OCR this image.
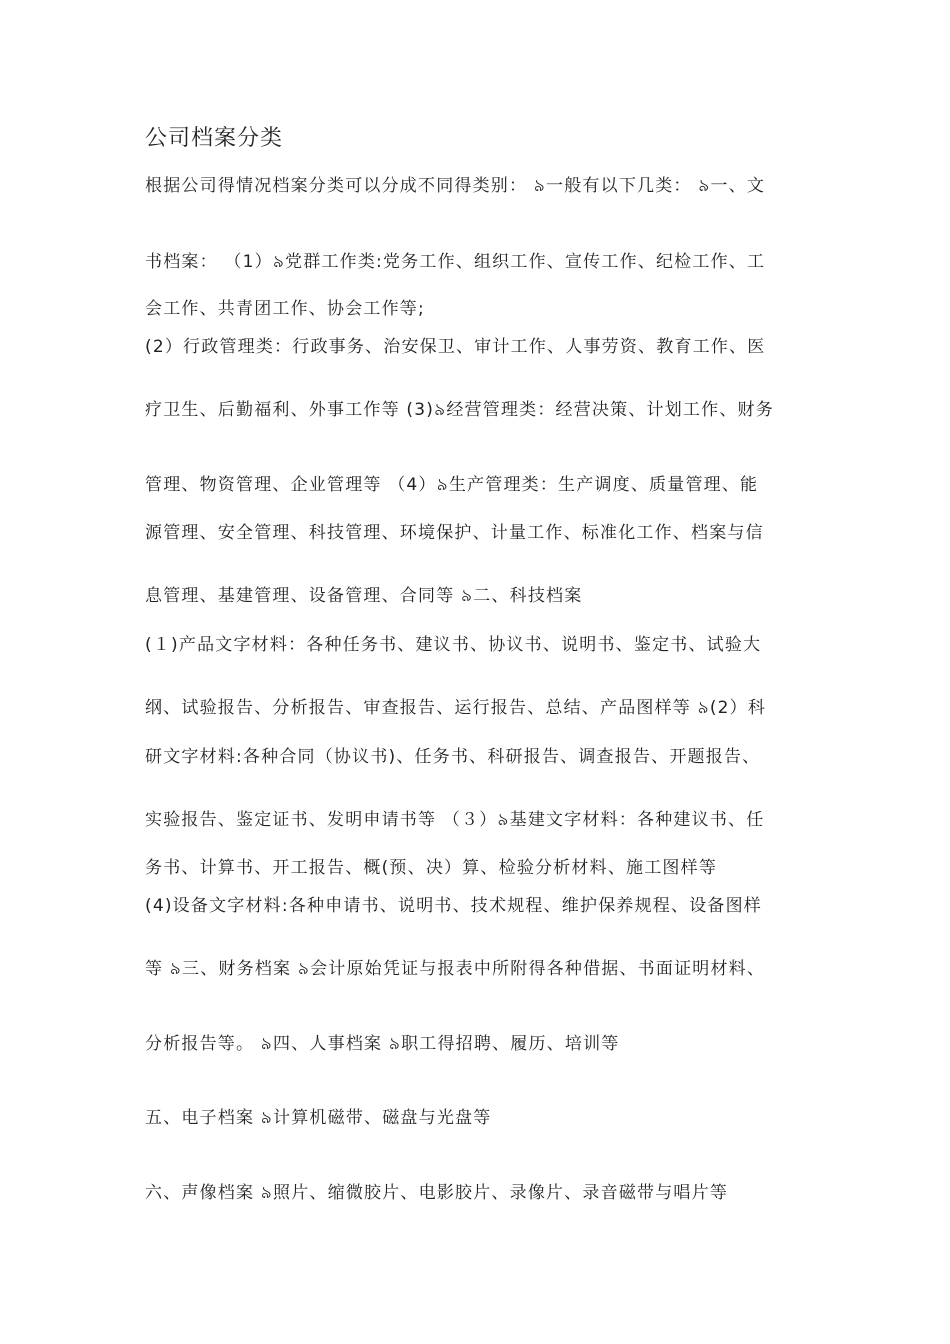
公司档案分类
根据公司得情况档案分类可以分成不同得类别： ৯一般有以下几类： ৯一、文
书档案： （1）৯党群工作类:党务工作、组织工作、宣传工作、纪检工作、工
会工作、共青团工作、协会工作等;
(2）行政管理类：行政事务、治安保卫、审计工作、人事劳资、教育工作、医
疗卫生、后勤福利、外事工作等 (3)৯经营管理类：经营决策、计划工作、财务
管理、物资管理、企业管理等 （4）৯生产管理类：生产调度、质量管理、能
源管理、安全管理、科技管理、环境保护、计量工作、标准化工作、档案与信
息管理、基建管理、设备管理、合同等 ৯二、科技档案
(１)产品文字材料：各种任务书、建议书、协议书、说明书、鉴定书、试验大
纲、试验报告、分析报告、审查报告、运行报告、总结、产品图样等 ৯(2）科
研文字材料:各种合同（协议书)、任务书、科研报告、调查报告、开题报告、
实验报告、鉴定证书、发明申请书等 （３）৯基建文字材料：各种建议书、任
务书、计算书、开工报告、概(预、决）算、检验分析材料、施工图样等
(4)设备文字材料:各种申请书、说明书、技术规程、维护保养规程、设备图样
等 ৯三、财务档案 ৯会计原始凭证与报表中所附得各种借据、书面证明材料、
分析报告等。 ৯四、人事档案 ৯职工得招聘、履历、培训等
五、电子档案 ৯计算机磁带、磁盘与光盘等
六、声像档案 ৯照片、缩微胶片、电影胶片、录像片、录音磁带与唱片等
